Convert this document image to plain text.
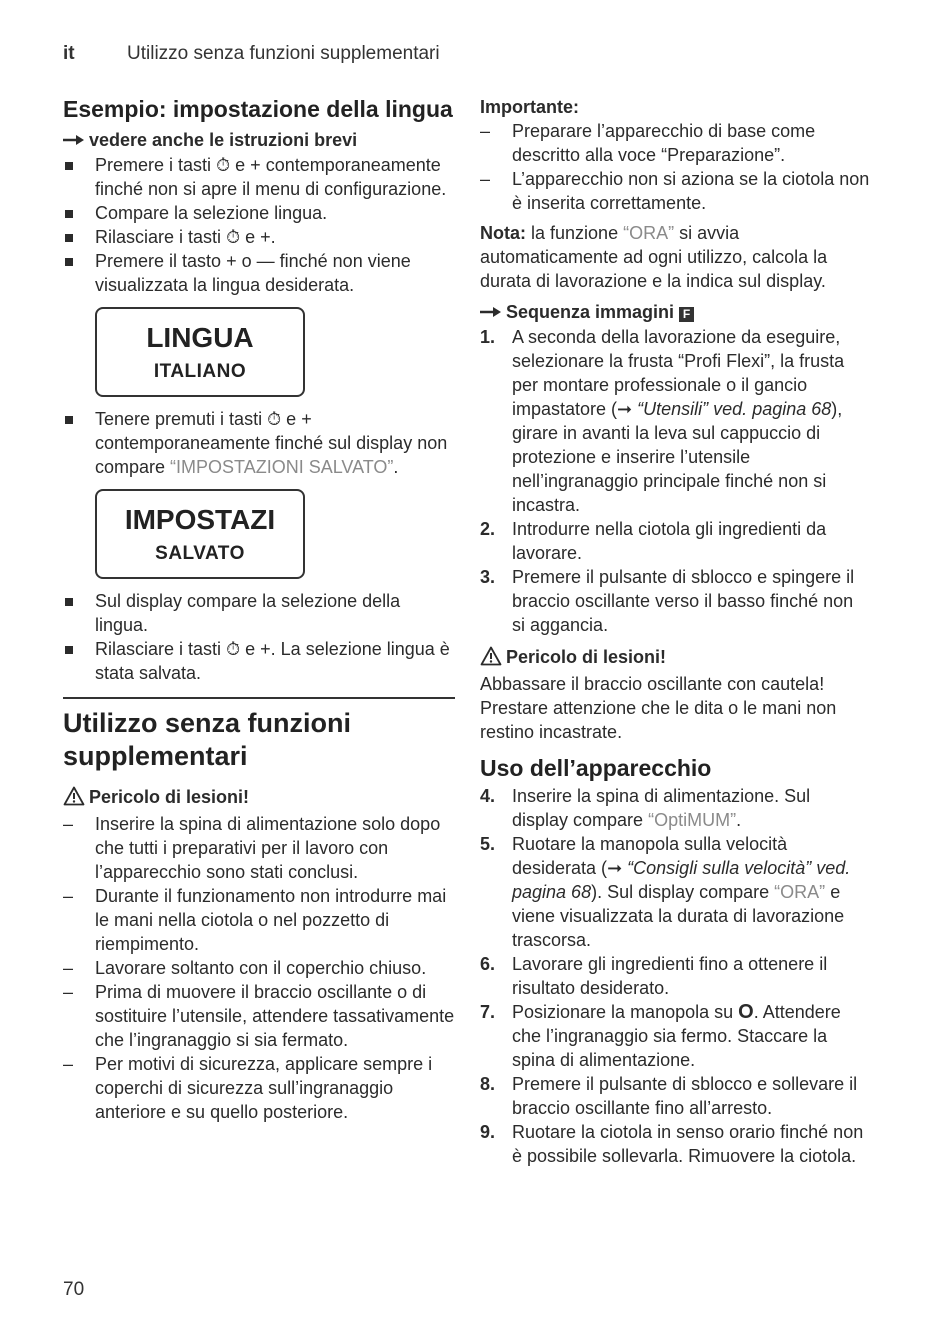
it	Utilizzo senza funzioni supplementari
Esempio: impostazione della lingua
vedere anche le istruzioni brevi
Premere i tasti ⏱ e + contemporaneamente finché non si apre il menu di configurazione.
Compare la selezione lingua.
Rilasciare i tasti ⏱ e +.
Premere il tasto + o — finché non viene visualizzata la lingua desiderata.
LINGUA
ITALIANO
Tenere premuti i tasti ⏱ e + contemporaneamente finché sul display non compare “IMPOSTAZIONI SALVATO”.
IMPOSTAZI
SALVATO
Sul display compare la selezione della lingua.
Rilasciare i tasti ⏱ e +. La selezione lingua è stata salvata.
Utilizzo senza funzioni supplementari
Pericolo di lesioni!
– Inserire la spina di alimentazione solo dopo che tutti i preparativi per il lavoro con l’apparecchio sono stati conclusi.
– Durante il funzionamento non introdurre mai le mani nella ciotola o nel pozzetto di riempimento.
– Lavorare soltanto con il coperchio chiuso.
– Prima di muovere il braccio oscillante o di sostituire l’utensile, attendere tassativamente che l’ingranaggio si sia fermato.
– Per motivi di sicurezza, applicare sempre i coperchi di sicurezza sull’ingranaggio anteriore e su quello posteriore.
Importante:
– Preparare l’apparecchio di base come descritto alla voce “Preparazione”.
– L’apparecchio non si aziona se la ciotola non è inserita correttamente.

Nota: la funzione “ORA” si avvia automaticamente ad ogni utilizzo, calcola la durata di lavorazione e la indica sul display.

Sequenza immagini F
1. A seconda della lavorazione da eseguire, selezionare la frusta “Profi Flexi”, la frusta per montare professionale o il gancio impastatore (➞ “Utensili” ved. pagina 68), girare in avanti la leva sul cappuccio di protezione e inserire l’utensile nell’ingranaggio principale finché non si incastra.
2. Introdurre nella ciotola gli ingredienti da lavorare.
3. Premere il pulsante di sblocco e spingere il braccio oscillante verso il basso finché non si aggancia.
Pericolo di lesioni!

Abbassare il braccio oscillante con cautela! Prestare attenzione che le dita o le mani non restino incastrate.

Uso dell’apparecchio
4. Inserire la spina di alimentazione. Sul display compare “OptiMUM”.
5. Ruotare la manopola sulla velocità desiderata (➞ “Consigli sulla velocità” ved. pagina 68). Sul display compare “ORA” e viene visualizzata la durata di lavorazione trascorsa.
6. Lavorare gli ingredienti fino a ottenere il risultato desiderato.
7. Posizionare la manopola su O. Attendere che l’ingranaggio sia fermo. Staccare la spina di alimentazione.
8. Premere il pulsante di sblocco e sollevare il braccio oscillante fino all’arresto.
9. Ruotare la ciotola in senso orario finché non è possibile sollevarla. Rimuovere la ciotola.
70
